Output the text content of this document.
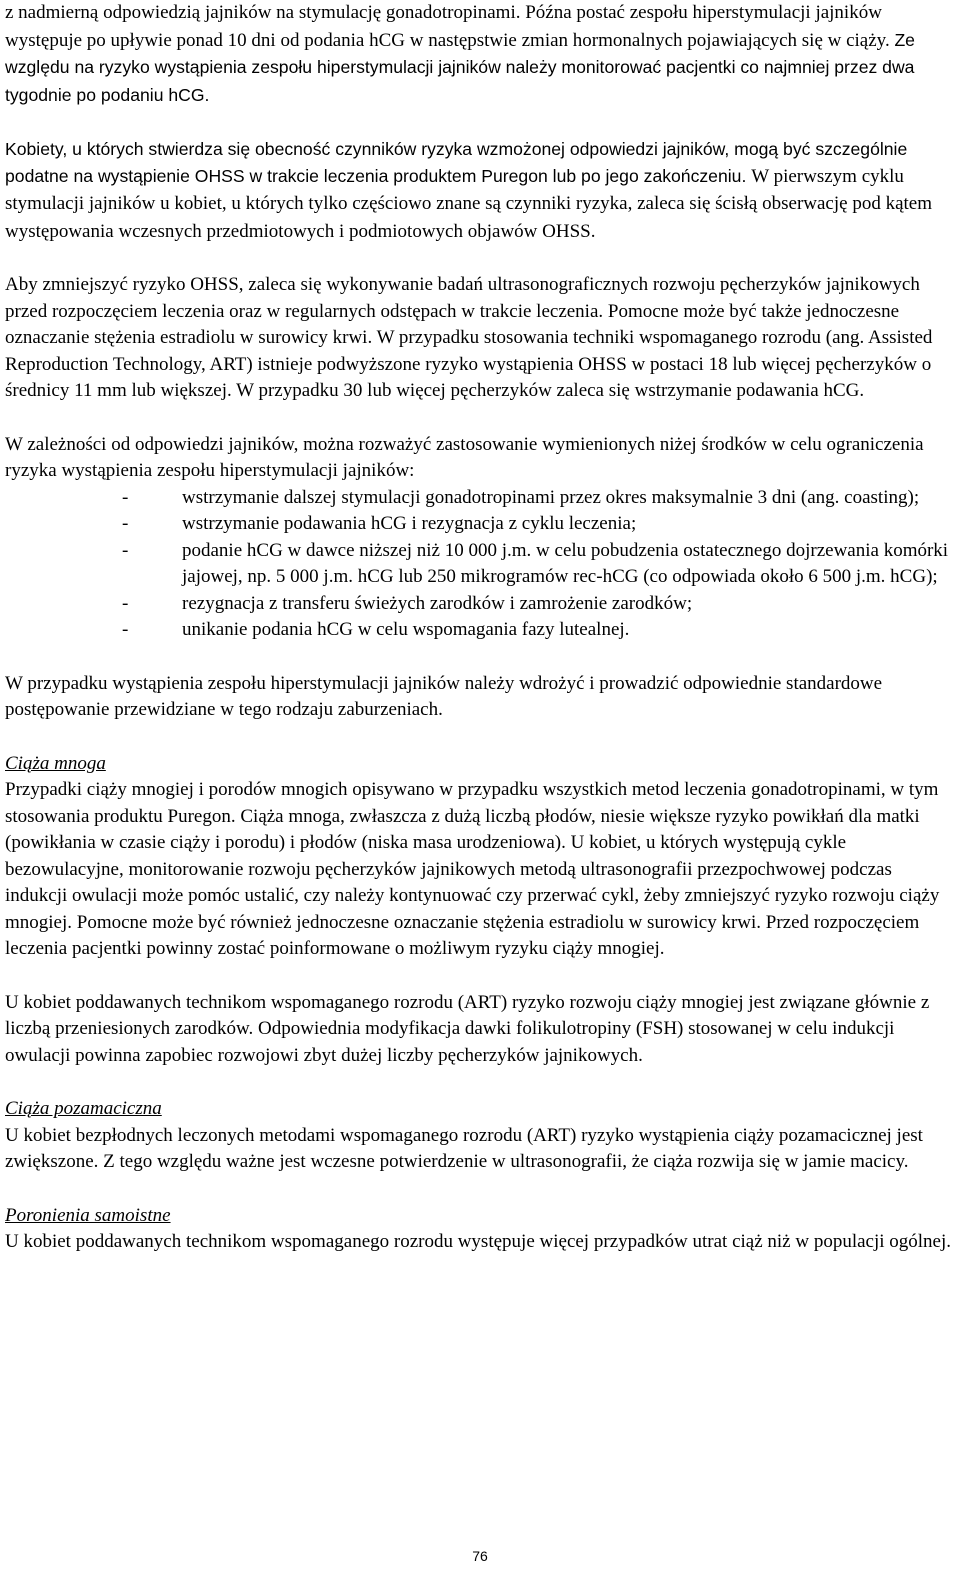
z nadmierną odpowiedzią jajników na stymulację gonadotropinami. Późna postać zespołu hiperstymulacji jajników występuje po upływie ponad 10 dni od podania hCG w następstwie zmian hormonalnych pojawiających się w ciąży. Ze względu na ryzyko wystąpienia zespołu hiperstymulacji jajników należy monitorować pacjentki co najmniej przez dwa tygodnie po podaniu hCG.

Kobiety, u których stwierdza się obecność czynników ryzyka wzmożonej odpowiedzi jajników, mogą być szczególnie podatne na wystąpienie OHSS w trakcie leczenia produktem Puregon lub po jego zakończeniu. W pierwszym cyklu stymulacji jajników u kobiet, u których tylko częściowo znane są czynniki ryzyka, zaleca się ścisłą obserwację pod kątem występowania wczesnych przedmiotowych i podmiotowych objawów OHSS.

Aby zmniejszyć ryzyko OHSS, zaleca się wykonywanie badań ultrasonograficznych rozwoju pęcherzyków jajnikowych przed rozpoczęciem leczenia oraz w regularnych odstępach w trakcie leczenia. Pomocne może być także jednoczesne oznaczanie stężenia estradiolu w surowicy krwi. W przypadku stosowania techniki wspomaganego rozrodu (ang. Assisted Reproduction Technology, ART) istnieje podwyższone ryzyko wystąpienia OHSS w postaci 18 lub więcej pęcherzyków o średnicy 11 mm lub większej. W przypadku 30 lub więcej pęcherzyków zaleca się wstrzymanie podawania hCG.

W zależności od odpowiedzi jajników, można rozważyć zastosowanie wymienionych niżej środków w celu ograniczenia ryzyka wystąpienia zespołu hiperstymulacji jajników:

-	wstrzymanie dalszej stymulacji gonadotropinami przez okres maksymalnie 3 dni (ang. coasting);
-	wstrzymanie podawania hCG i rezygnacja z cyklu leczenia;
-	podanie hCG w dawce niższej niż 10 000 j.m. w celu pobudzenia ostatecznego dojrzewania komórki jajowej, np. 5 000 j.m. hCG lub 250 mikrogramów rec-hCG (co odpowiada około 6 500 j.m. hCG);
-	rezygnacja z transferu świeżych zarodków i zamrożenie zarodków;
-	unikanie podania hCG w celu wspomagania fazy lutealnej.

W przypadku wystąpienia zespołu hiperstymulacji jajników należy wdrożyć i prowadzić odpowiednie standardowe postępowanie przewidziane w tego rodzaju zaburzeniach.

Ciąża mnoga

Przypadki ciąży mnogiej i porodów mnogich opisywano w przypadku wszystkich metod leczenia gonadotropinami, w tym stosowania produktu Puregon. Ciąża mnoga, zwłaszcza z dużą liczbą płodów, niesie większe ryzyko powikłań dla matki (powikłania w czasie ciąży i porodu) i płodów (niska masa urodzeniowa). U kobiet, u których występują cykle bezowulacyjne, monitorowanie rozwoju pęcherzyków jajnikowych metodą ultrasonografii przezpochwowej podczas indukcji owulacji może pomóc ustalić, czy należy kontynuować czy przerwać cykl, żeby zmniejszyć ryzyko rozwoju ciąży mnogiej. Pomocne może być również jednoczesne oznaczanie stężenia estradiolu w surowicy krwi. Przed rozpoczęciem leczenia pacjentki powinny zostać poinformowane o możliwym ryzyku ciąży mnogiej.

U kobiet poddawanych technikom wspomaganego rozrodu (ART) ryzyko rozwoju ciąży mnogiej jest związane głównie z liczbą przeniesionych zarodków. Odpowiednia modyfikacja dawki folikulotropiny (FSH) stosowanej w celu indukcji owulacji powinna zapobiec rozwojowi zbyt dużej liczby pęcherzyków jajnikowych.

Ciąża pozamaciczna

U kobiet bezpłodnych leczonych metodami wspomaganego rozrodu (ART) ryzyko wystąpienia ciąży pozamacicznej jest zwiększone. Z tego względu ważne jest wczesne potwierdzenie w ultrasonografii, że ciąża rozwija się w jamie macicy.

Poronienia samoistne

U kobiet poddawanych technikom wspomaganego rozrodu występuje więcej przypadków utrat ciąż niż w populacji ogólnej.

76
